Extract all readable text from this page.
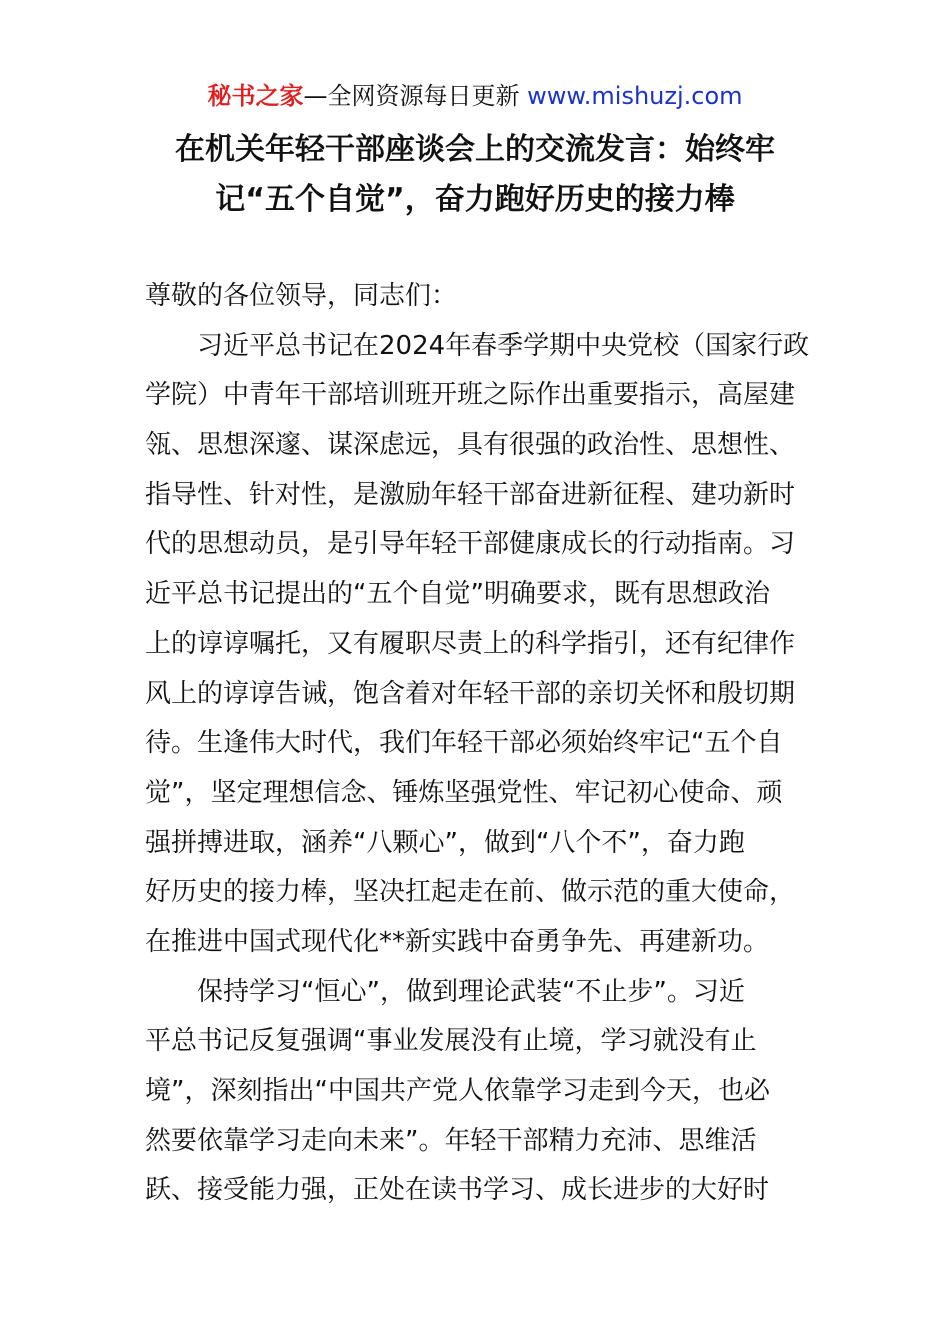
秘书之家—全网资源每日更新 www.mishuzj.com
在机关年轻干部座谈会上的交流发言：始终牢
记“五个自觉”，奋力跑好历史的接力棒
尊敬的各位领导，同志们：
习近平总书记在2024年春季学期中央党校（国家行政
学院）中青年干部培训班开班之际作出重要指示，高屋建
瓴、思想深邃、谋深虑远，具有很强的政治性、思想性、
指导性、针对性，是激励年轻干部奋进新征程、建功新时
代的思想动员，是引导年轻干部健康成长的行动指南。习
近平总书记提出的“五个自觉”明确要求，既有思想政治
上的谆谆嘱托，又有履职尽责上的科学指引，还有纪律作
风上的谆谆告诫，饱含着对年轻干部的亲切关怀和殷切期
待。生逢伟大时代，我们年轻干部必须始终牢记“五个自
觉”，坚定理想信念、锤炼坚强党性、牢记初心使命、顽
强拼搏进取，涵养“八颗心”，做到“八个不”，奋力跑
好历史的接力棒，坚决扛起走在前、做示范的重大使命，
在推进中国式现代化**新实践中奋勇争先、再建新功。
保持学习“恒心”，做到理论武装“不止步”。习近
平总书记反复强调“事业发展没有止境，学习就没有止
境”，深刻指出“中国共产党人依靠学习走到今天，也必
然要依靠学习走向未来”。年轻干部精力充沛、思维活
跃、接受能力强，正处在读书学习、成长进步的大好时
